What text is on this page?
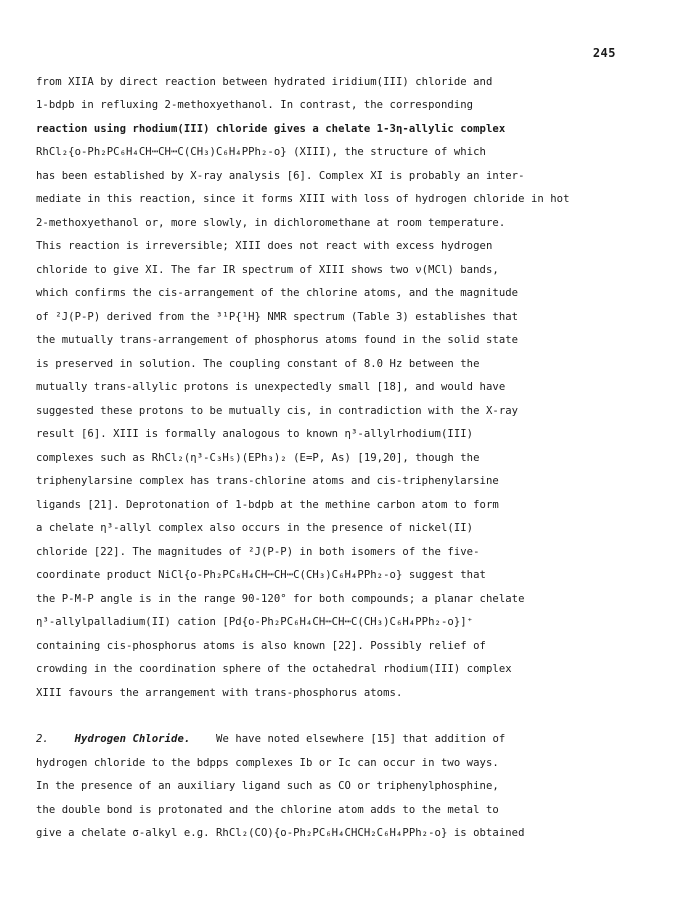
245
from XIIA by direct reaction between hydrated iridium(III) chloride and
1-bdpb in refluxing 2-methoxyethanol. In contrast, the corresponding
reaction using rhodium(III) chloride gives a chelate 1-3η-allylic complex
RhCl₂{o-Ph₂PC₆H₄CH┉CH┉C(CH₃)C₆H₄PPh₂-o} (XIII), the structure of which
has been established by X-ray analysis [6]. Complex XI is probably an inter-
mediate in this reaction, since it forms XIII with loss of hydrogen chloride in hot
2-methoxyethanol or, more slowly, in dichloromethane at room temperature.
This reaction is irreversible; XIII does not react with excess hydrogen
chloride to give XI. The far IR spectrum of XIII shows two ν(MCl) bands,
which confirms the cis-arrangement of the chlorine atoms, and the magnitude
of ²J(P-P) derived from the ³¹P{¹H} NMR spectrum (Table 3) establishes that
the mutually trans-arrangement of phosphorus atoms found in the solid state
is preserved in solution. The coupling constant of 8.0 Hz between the
mutually trans-allylic protons is unexpectedly small [18], and would have
suggested these protons to be mutually cis, in contradiction with the X-ray
result [6]. XIII is formally analogous to known η³-allylrhodium(III)
complexes such as RhCl₂(η³-C₃H₅)(EPh₃)₂ (E=P, As) [19,20], though the
triphenylarsine complex has trans-chlorine atoms and cis-triphenylarsine
ligands [21]. Deprotonation of 1-bdpb at the methine carbon atom to form
a chelate η³-allyl complex also occurs in the presence of nickel(II)
chloride [22]. The magnitudes of ²J(P-P) in both isomers of the five-
coordinate product NiCl{o-Ph₂PC₆H₄CH┉CH┉C(CH₃)C₆H₄PPh₂-o} suggest that
the P-M-P angle is in the range 90-120° for both compounds; a planar chelate
η³-allylpalladium(II) cation [Pd{o-Ph₂PC₆H₄CH┉CH┉C(CH₃)C₆H₄PPh₂-o}]⁺
containing cis-phosphorus atoms is also known [22]. Possibly relief of
crowding in the coordination sphere of the octahedral rhodium(III) complex
XIII favours the arrangement with trans-phosphorus atoms.
2. Hydrogen Chloride. We have noted elsewhere [15] that addition of
hydrogen chloride to the bdpps complexes Ib or Ic can occur in two ways.
In the presence of an auxiliary ligand such as CO or triphenylphosphine,
the double bond is protonated and the chlorine atom adds to the metal to
give a chelate σ-alkyl e.g. RhCl₂(CO){o-Ph₂PC₆H₄CHCH₂C₆H₄PPh₂-o} is obtained
